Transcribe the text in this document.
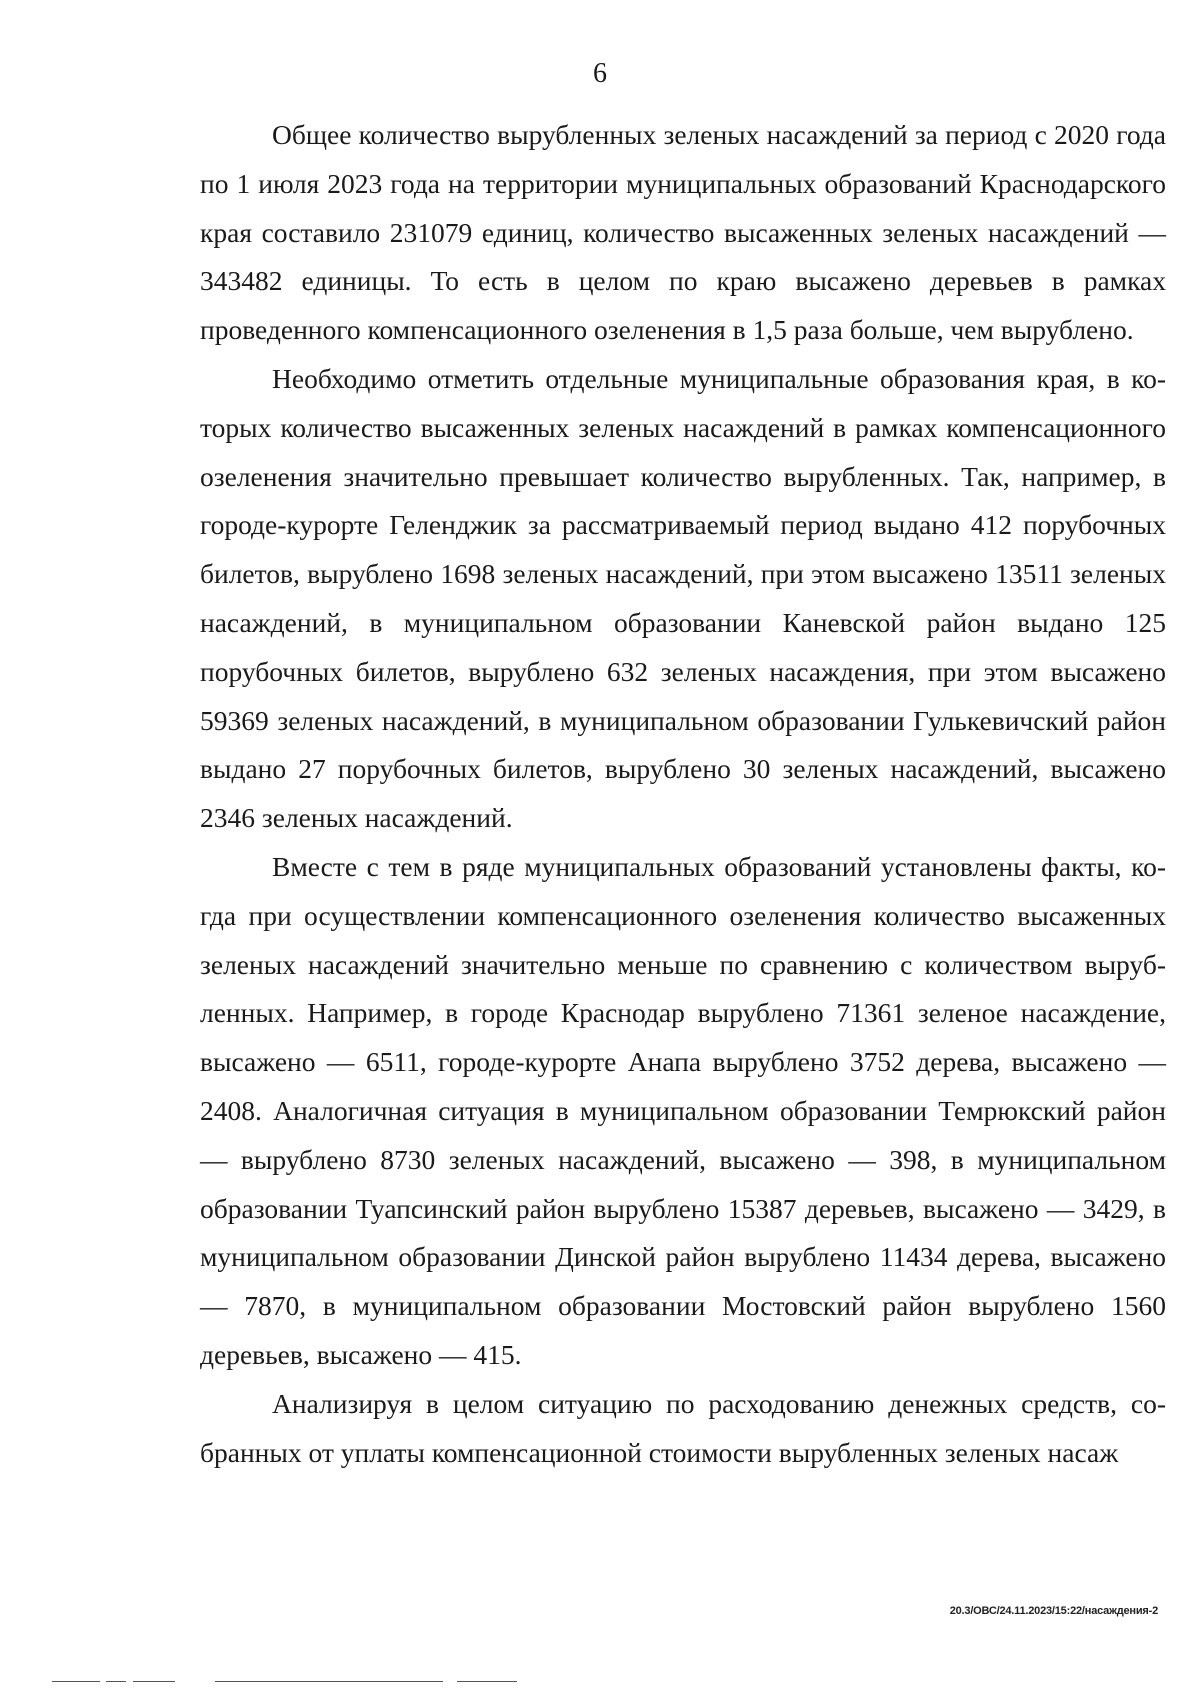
6

Общее количество вырубленных зеленых насаждений за период с 2020 года по 1 июля 2023 года на территории муниципальных образований Краснодарского края составило 231079 единиц, количество высаженных зеленых насаждений — 343482 единицы. То есть в целом по краю высажено деревьев в рамках проведенного компенсационного озеленения в 1,5 раза больше, чем вырублено.

Необходимо отметить отдельные муниципальные образования края, в которых количество высаженных зеленых насаждений в рамках компенсационного озеленения значительно превышает количество вырубленных. Так, например, в городе-курорте Геленджик за рассматриваемый период выдано 412 порубочных билетов, вырублено 1698 зеленых насаждений, при этом высажено 13511 зеленых насаждений, в муниципальном образовании Каневской район выдано 125 порубочных билетов, вырублено 632 зеленых насаждения, при этом высажено 59369 зеленых насаждений, в муниципальном образовании Гулькевичский район выдано 27 порубочных билетов, вырублено 30 зеленых насаждений, высажено 2346 зеленых насаждений.

Вместе с тем в ряде муниципальных образований установлены факты, когда при осуществлении компенсационного озеленения количество высаженных зеленых насаждений значительно меньше по сравнению с количеством вырубленных. Например, в городе Краснодар вырублено 71361 зеленое насаждение, высажено — 6511, городе-курорте Анапа вырублено 3752 дерева, высажено — 2408. Аналогичная ситуация в муниципальном образовании Темрюкский район — вырублено 8730 зеленых насаждений, высажено — 398, в муниципальном образовании Туапсинский район вырублено 15387 деревьев, высажено — 3429, в муниципальном образовании Динской район вырублено 11434 дерева, высажено — 7870, в муниципальном образовании Мостовский район вырублено 1560 деревьев, высажено — 415.

Анализируя в целом ситуацию по расходованию денежных средств, собранных от уплаты компенсационной стоимости вырубленных зеленых насаж

20.3/ОВС/24.11.2023/15:22/насаждения-2
